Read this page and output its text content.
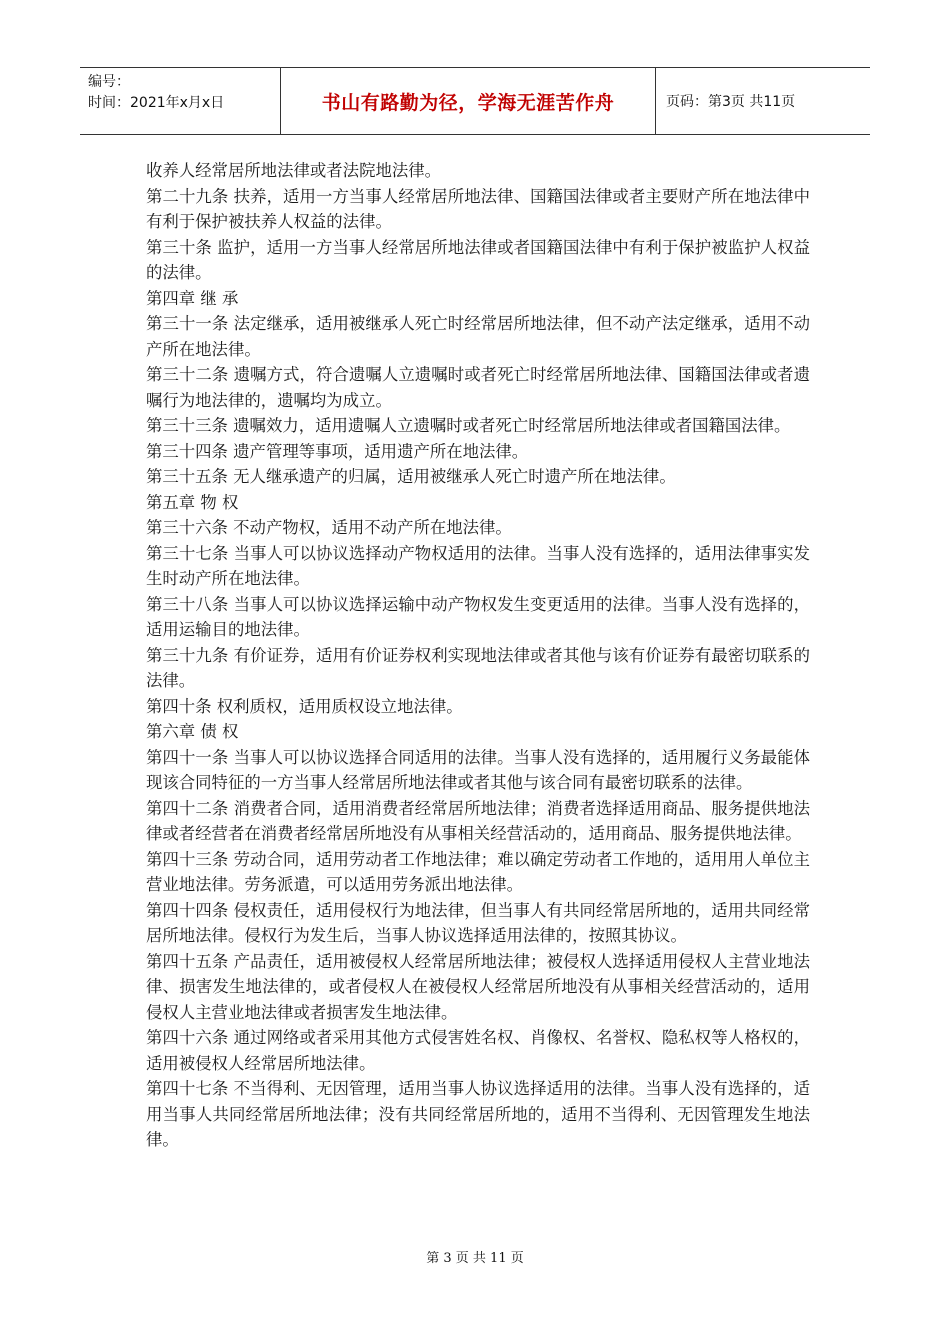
编号：
时间：2021年x月x日	书山有路勤为径，学海无涯苦作舟	页码：第3页 共11页

收养人经常居所地法律或者法院地法律。

第二十九条 扶养，适用一方当事人经常居所地法律、国籍国法律或者主要财产所在地法律中有利于保护被扶养人权益的法律。

第三十条 监护，适用一方当事人经常居所地法律或者国籍国法律中有利于保护被监护人权益的法律。

第四章 继 承

第三十一条 法定继承，适用被继承人死亡时经常居所地法律，但不动产法定继承，适用不动产所在地法律。

第三十二条 遗嘱方式，符合遗嘱人立遗嘱时或者死亡时经常居所地法律、国籍国法律或者遗嘱行为地法律的，遗嘱均为成立。

第三十三条 遗嘱效力，适用遗嘱人立遗嘱时或者死亡时经常居所地法律或者国籍国法律。

第三十四条 遗产管理等事项，适用遗产所在地法律。

第三十五条 无人继承遗产的归属，适用被继承人死亡时遗产所在地法律。

第五章 物 权

第三十六条 不动产物权，适用不动产所在地法律。

第三十七条 当事人可以协议选择动产物权适用的法律。当事人没有选择的，适用法律事实发生时动产所在地法律。

第三十八条 当事人可以协议选择运输中动产物权发生变更适用的法律。当事人没有选择的，适用运输目的地法律。

第三十九条 有价证券，适用有价证券权利实现地法律或者其他与该有价证券有最密切联系的法律。

第四十条 权利质权，适用质权设立地法律。

第六章 债 权

第四十一条 当事人可以协议选择合同适用的法律。当事人没有选择的，适用履行义务最能体现该合同特征的一方当事人经常居所地法律或者其他与该合同有最密切联系的法律。

第四十二条 消费者合同，适用消费者经常居所地法律；消费者选择适用商品、服务提供地法律或者经营者在消费者经常居所地没有从事相关经营活动的，适用商品、服务提供地法律。

第四十三条 劳动合同，适用劳动者工作地法律；难以确定劳动者工作地的，适用用人单位主营业地法律。劳务派遣，可以适用劳务派出地法律。

第四十四条 侵权责任，适用侵权行为地法律，但当事人有共同经常居所地的，适用共同经常居所地法律。侵权行为发生后，当事人协议选择适用法律的，按照其协议。

第四十五条 产品责任，适用被侵权人经常居所地法律；被侵权人选择适用侵权人主营业地法律、损害发生地法律的，或者侵权人在被侵权人经常居所地没有从事相关经营活动的，适用侵权人主营业地法律或者损害发生地法律。

第四十六条 通过网络或者采用其他方式侵害姓名权、肖像权、名誉权、隐私权等人格权的，适用被侵权人经常居所地法律。

第四十七条 不当得利、无因管理，适用当事人协议选择适用的法律。当事人没有选择的，适用当事人共同经常居所地法律；没有共同经常居所地的，适用不当得利、无因管理发生地法律。

第 3 页 共 11 页
